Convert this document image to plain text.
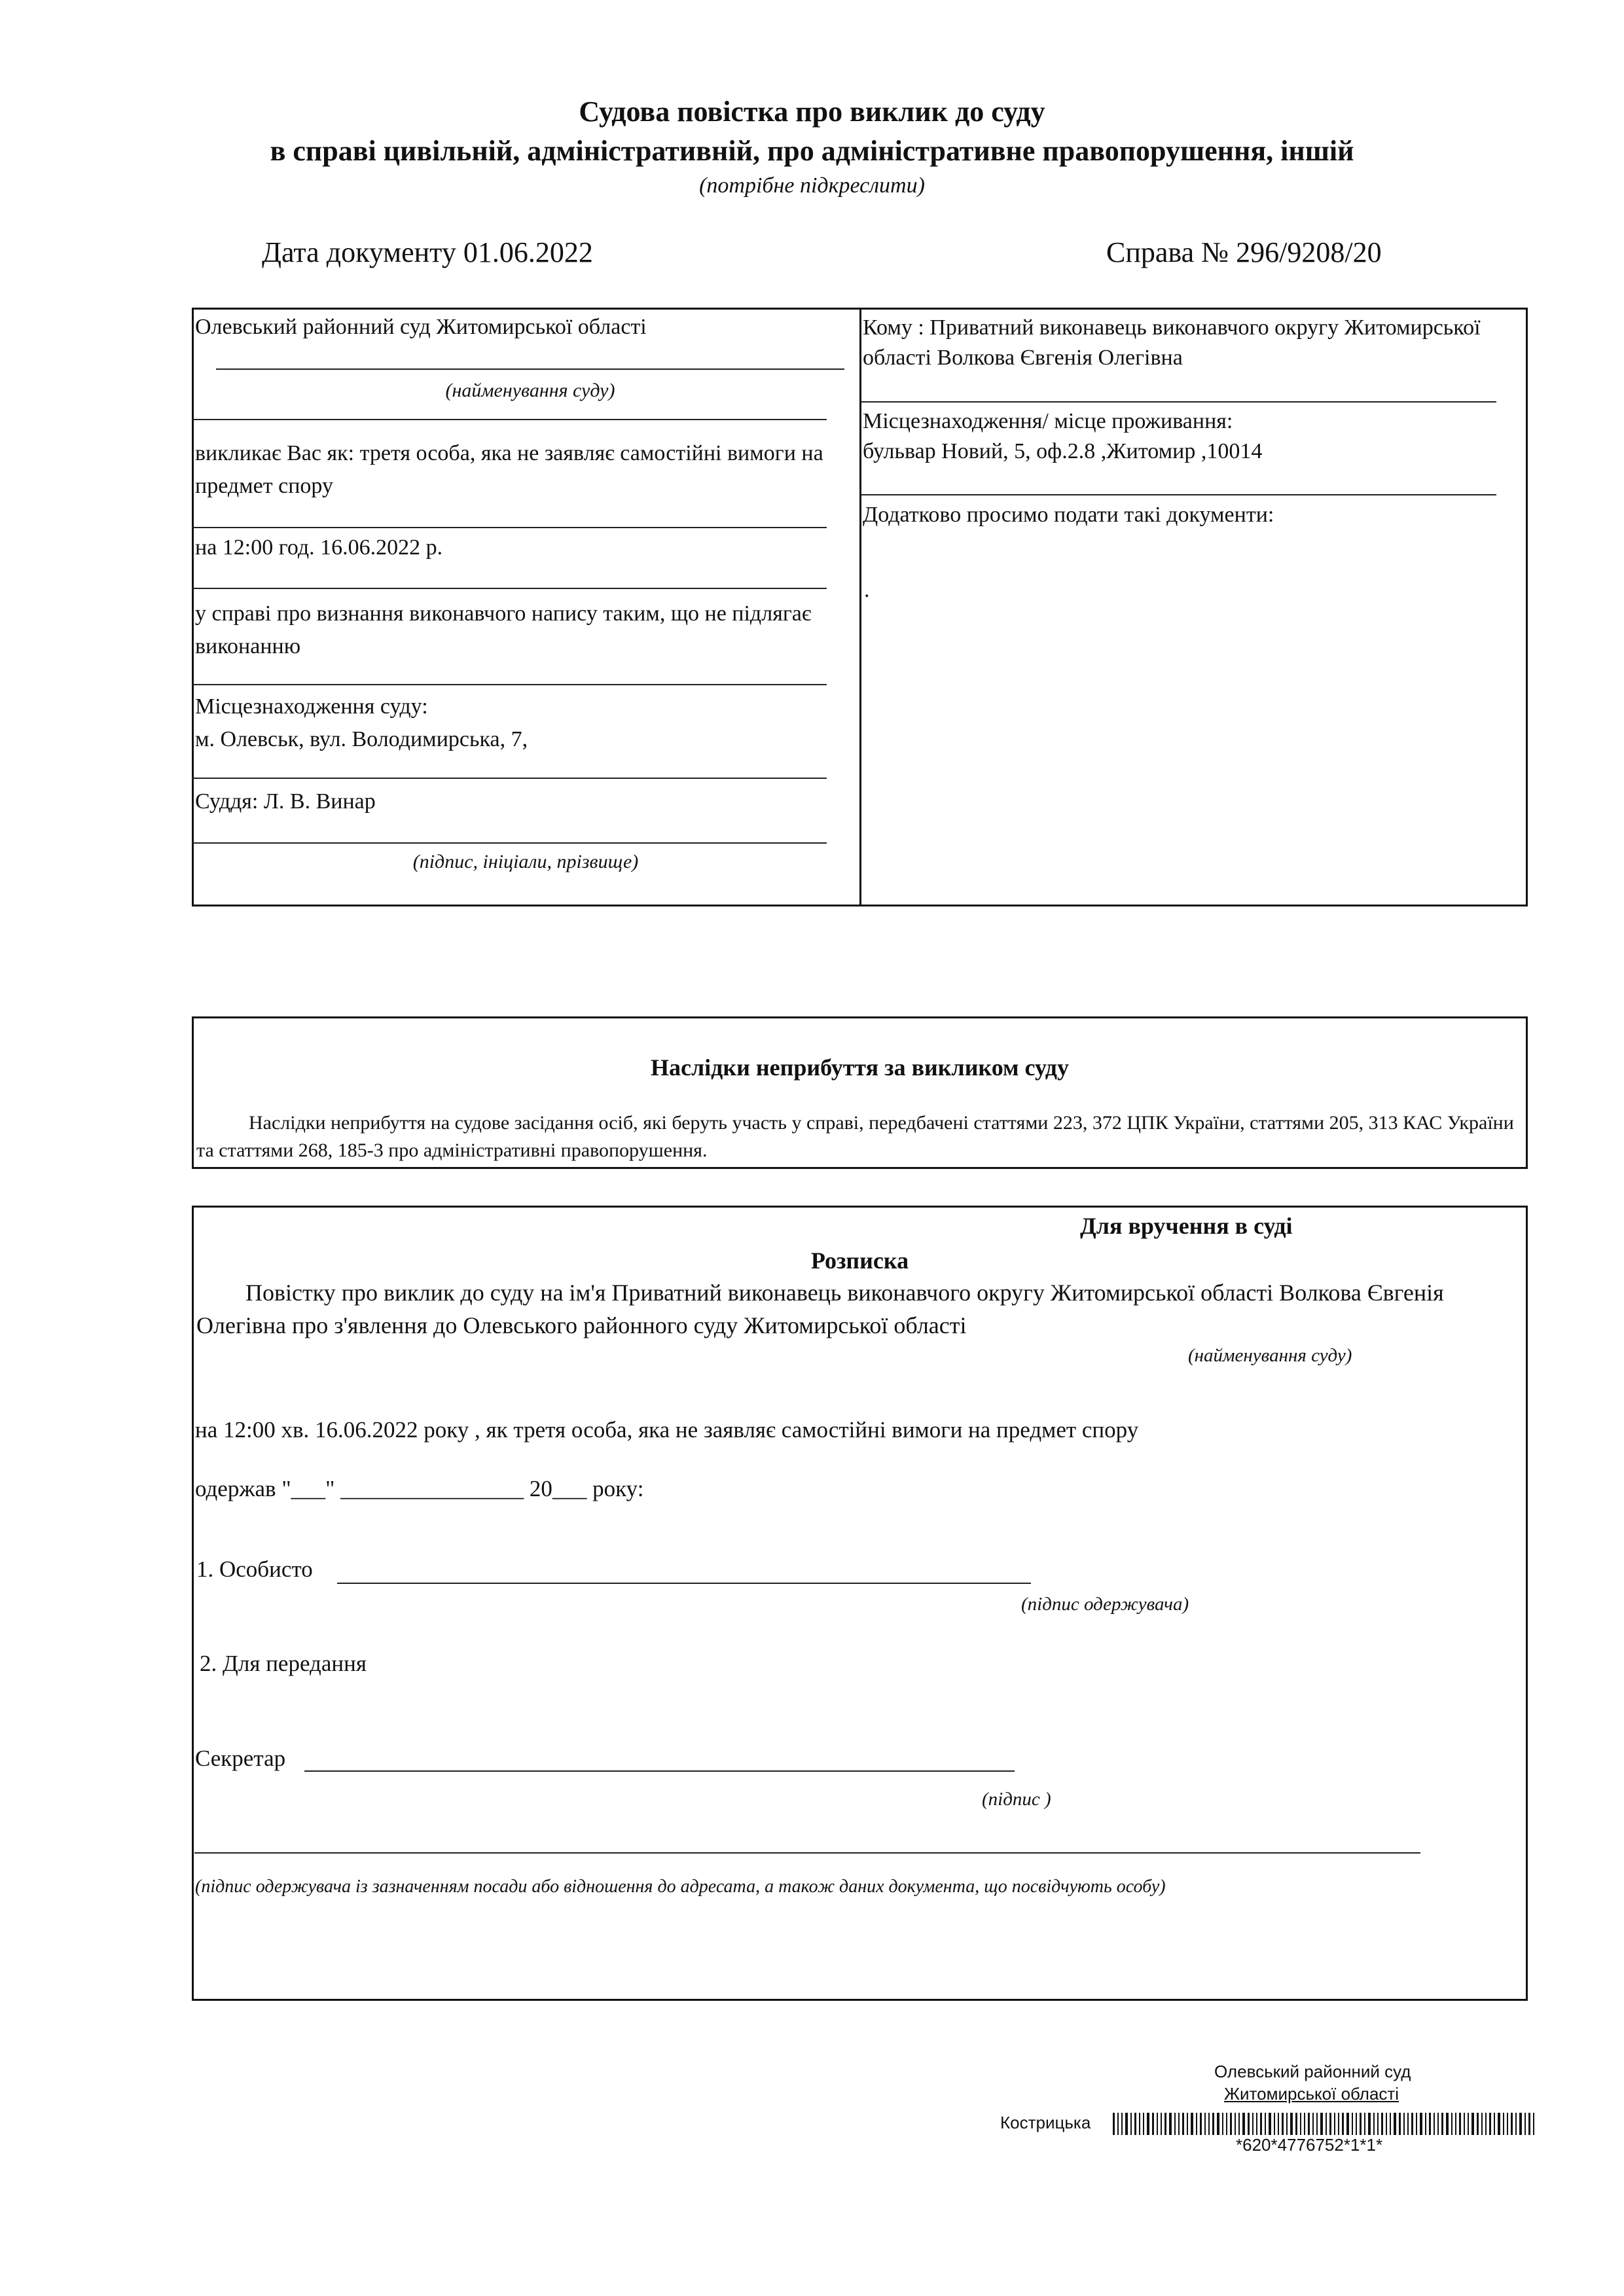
Судова повістка про виклик до суду
в справі цивільній, адміністративній, про адміністративне правопорушення, іншій
(потрібне підкреслити)
Дата документу 01.06.2022	Справа № 296/9208/20
Олевський районний суд Житомирської області
(найменування суду)
викликає Вас як: третя особа, яка не заявляє самостійні вимоги на предмет спору
на 12:00 год. 16.06.2022 р.
у справі про визнання виконавчого напису таким, що не підлягає виконанню
Місцезнаходження суду:
м. Олевськ, вул. Володимирська, 7,
Суддя: Л. В. Винар
(підпис, ініціали, прізвище)
Кому : Приватний виконавець виконавчого округу Житомирської області Волкова Євгенія Олегівна
Місцезнаходження/ місце проживання:
бульвар Новий, 5, оф.2.8 ,Житомир ,10014
Додатково просимо подати такі документи:
.
Наслідки неприбуття за викликом суду
Наслідки неприбуття на судове засідання осіб, які беруть участь у справі, передбачені статтями 223, 372 ЦПК України, статтями 205, 313 КАС України та статтями 268, 185-3 про адміністративні правопорушення.
Для вручення в суді
Розписка
Повістку про виклик до суду на ім'я Приватний виконавець виконавчого округу Житомирської області Волкова Євгенія Олегівна про з'явлення до Олевського районного суду Житомирської області
(найменування суду)
на 12:00 хв. 16.06.2022 року , як третя особа, яка не заявляє самостійні вимоги на предмет спору
одержав "___" ________________ 20___ року:
1. Особисто
(підпис одержувача)
2. Для передання
Секретар
(підпис )
(підпис одержувача із зазначенням посади або відношення до адресата, а також даних документа, що посвідчують особу)
Олевський районний суд
Житомирської області
Кострицька
*620*4776752*1*1*
